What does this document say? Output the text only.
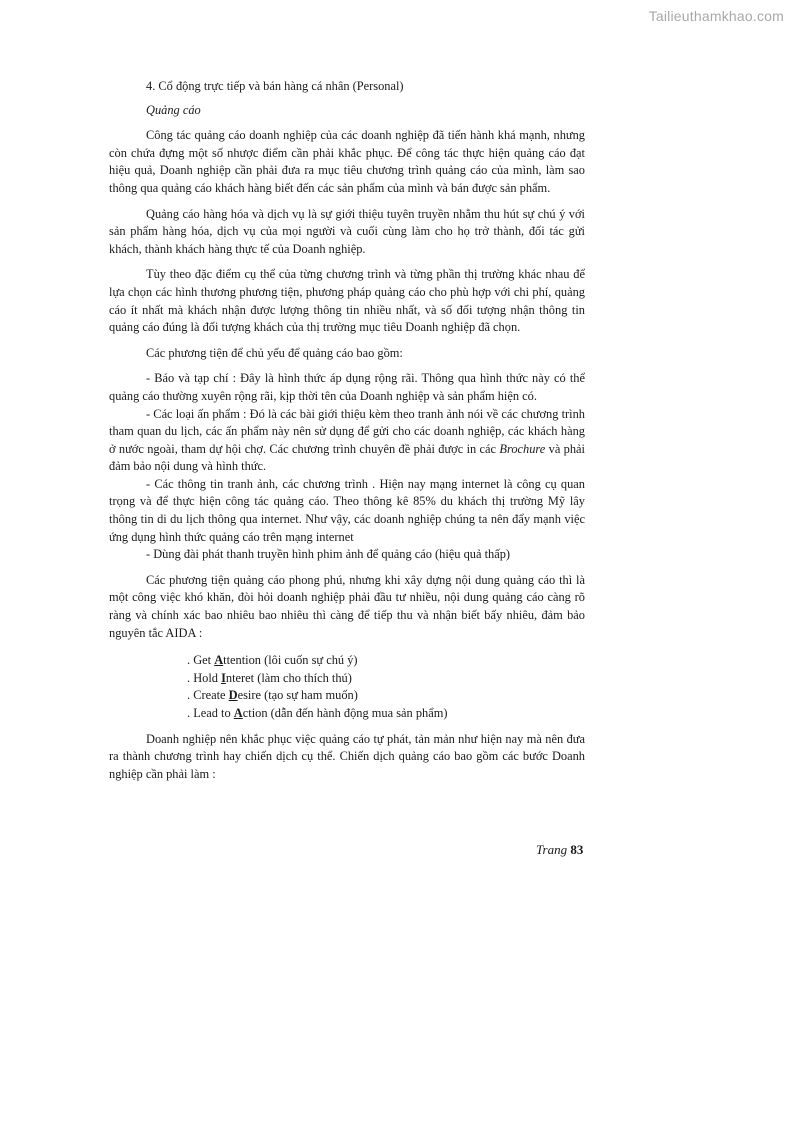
Tailieuthamkhao.com

4. Cổ động trực tiếp và bán hàng cá nhân (Personal)

Quảng cáo

Công tác quảng cáo doanh nghiệp của các doanh nghiệp đã tiến hành khá mạnh, nhưng còn chứa đựng một số nhược điểm cần phải khắc phục. Để công tác thực hiện quảng cáo đạt hiệu quả, Doanh nghiệp cần phải đưa ra mục tiêu chương trình quảng cáo của mình, làm sao thông qua quảng cáo khách hàng biết đến các sản phẩm của mình và bán được sản phẩm.

Quảng cáo hàng hóa và dịch vụ là sự giới thiệu tuyên truyền nhằm thu hút sự chú ý với sản phẩm hàng hóa, dịch vụ của mọi người và cuối cùng làm cho họ trở thành, đối tác gửi khách, thành khách hàng thực tế của Doanh nghiệp.

Tùy theo đặc điểm cụ thể của từng chương trình và từng phần thị trường khác nhau để lựa chọn các hình thương phương tiện, phương pháp quảng cáo cho phù hợp với chi phí, quảng cáo ít nhất mà khách nhận được lượng thông tin nhiều nhất, và số đối tượng nhận thông tin quảng cáo đúng là đối tượng khách của thị trường mục tiêu Doanh nghiệp đã chọn.

Các phương tiện để chủ yếu để quảng cáo bao gồm:

- Báo và tạp chí : Đây là hình thức áp dụng rộng rãi. Thông qua hình thức này có thể quảng cáo thường xuyên rộng rãi, kịp thời tên của Doanh nghiệp và sản phẩm hiện có.

- Các loại ấn phẩm : Đó là các bài giới thiệu kèm theo tranh ảnh nói về các chương trình tham quan du lịch, các ấn phẩm này nên sử dụng để gửi cho các doanh nghiệp, các khách hàng ở nước ngoài, tham dự hội chợ. Các chương trình chuyên đề phải được in các Brochure và phải đảm bảo nội dung và hình thức.

- Các thông tin tranh ảnh, các chương trình . Hiện nay mạng internet là công cụ quan trọng và để thực hiện công tác quảng cáo. Theo thông kê 85% du khách thị trường Mỹ lây thông tin di du lịch thông qua internet. Như vậy, các doanh nghiệp chúng ta nên đẩy mạnh việc ứng dụng hình thức quảng cáo trên mạng internet

- Dùng đài phát thanh truyền hình phim ảnh để quảng cáo (hiệu quả thấp)

Các phương tiện quảng cáo phong phú, nhưng khi xây dựng nội dung quảng cáo thì là một công việc khó khăn, đòi hỏi doanh nghiệp phải đầu tư nhiều, nội dung quảng cáo càng rõ ràng và chính xác bao nhiêu bao nhiêu thì càng để tiếp thu và nhận biết bấy nhiêu, đảm bảo nguyên tắc AIDA :

. Get Attention (lôi cuốn sự chú ý)

. Hold Interet (làm cho thích thú)

. Create Desire (tạo sự ham muốn)

. Lead to Action (dẫn đến hành động mua sản phẩm)

Doanh nghiệp nên khắc phục việc quảng cáo tự phát, tản mản như hiện nay mà nên đưa ra thành chương trình hay chiến dịch cụ thể. Chiến dịch quảng cáo bao gồm các bước Doanh nghiệp cần phải làm :

Trang 83
